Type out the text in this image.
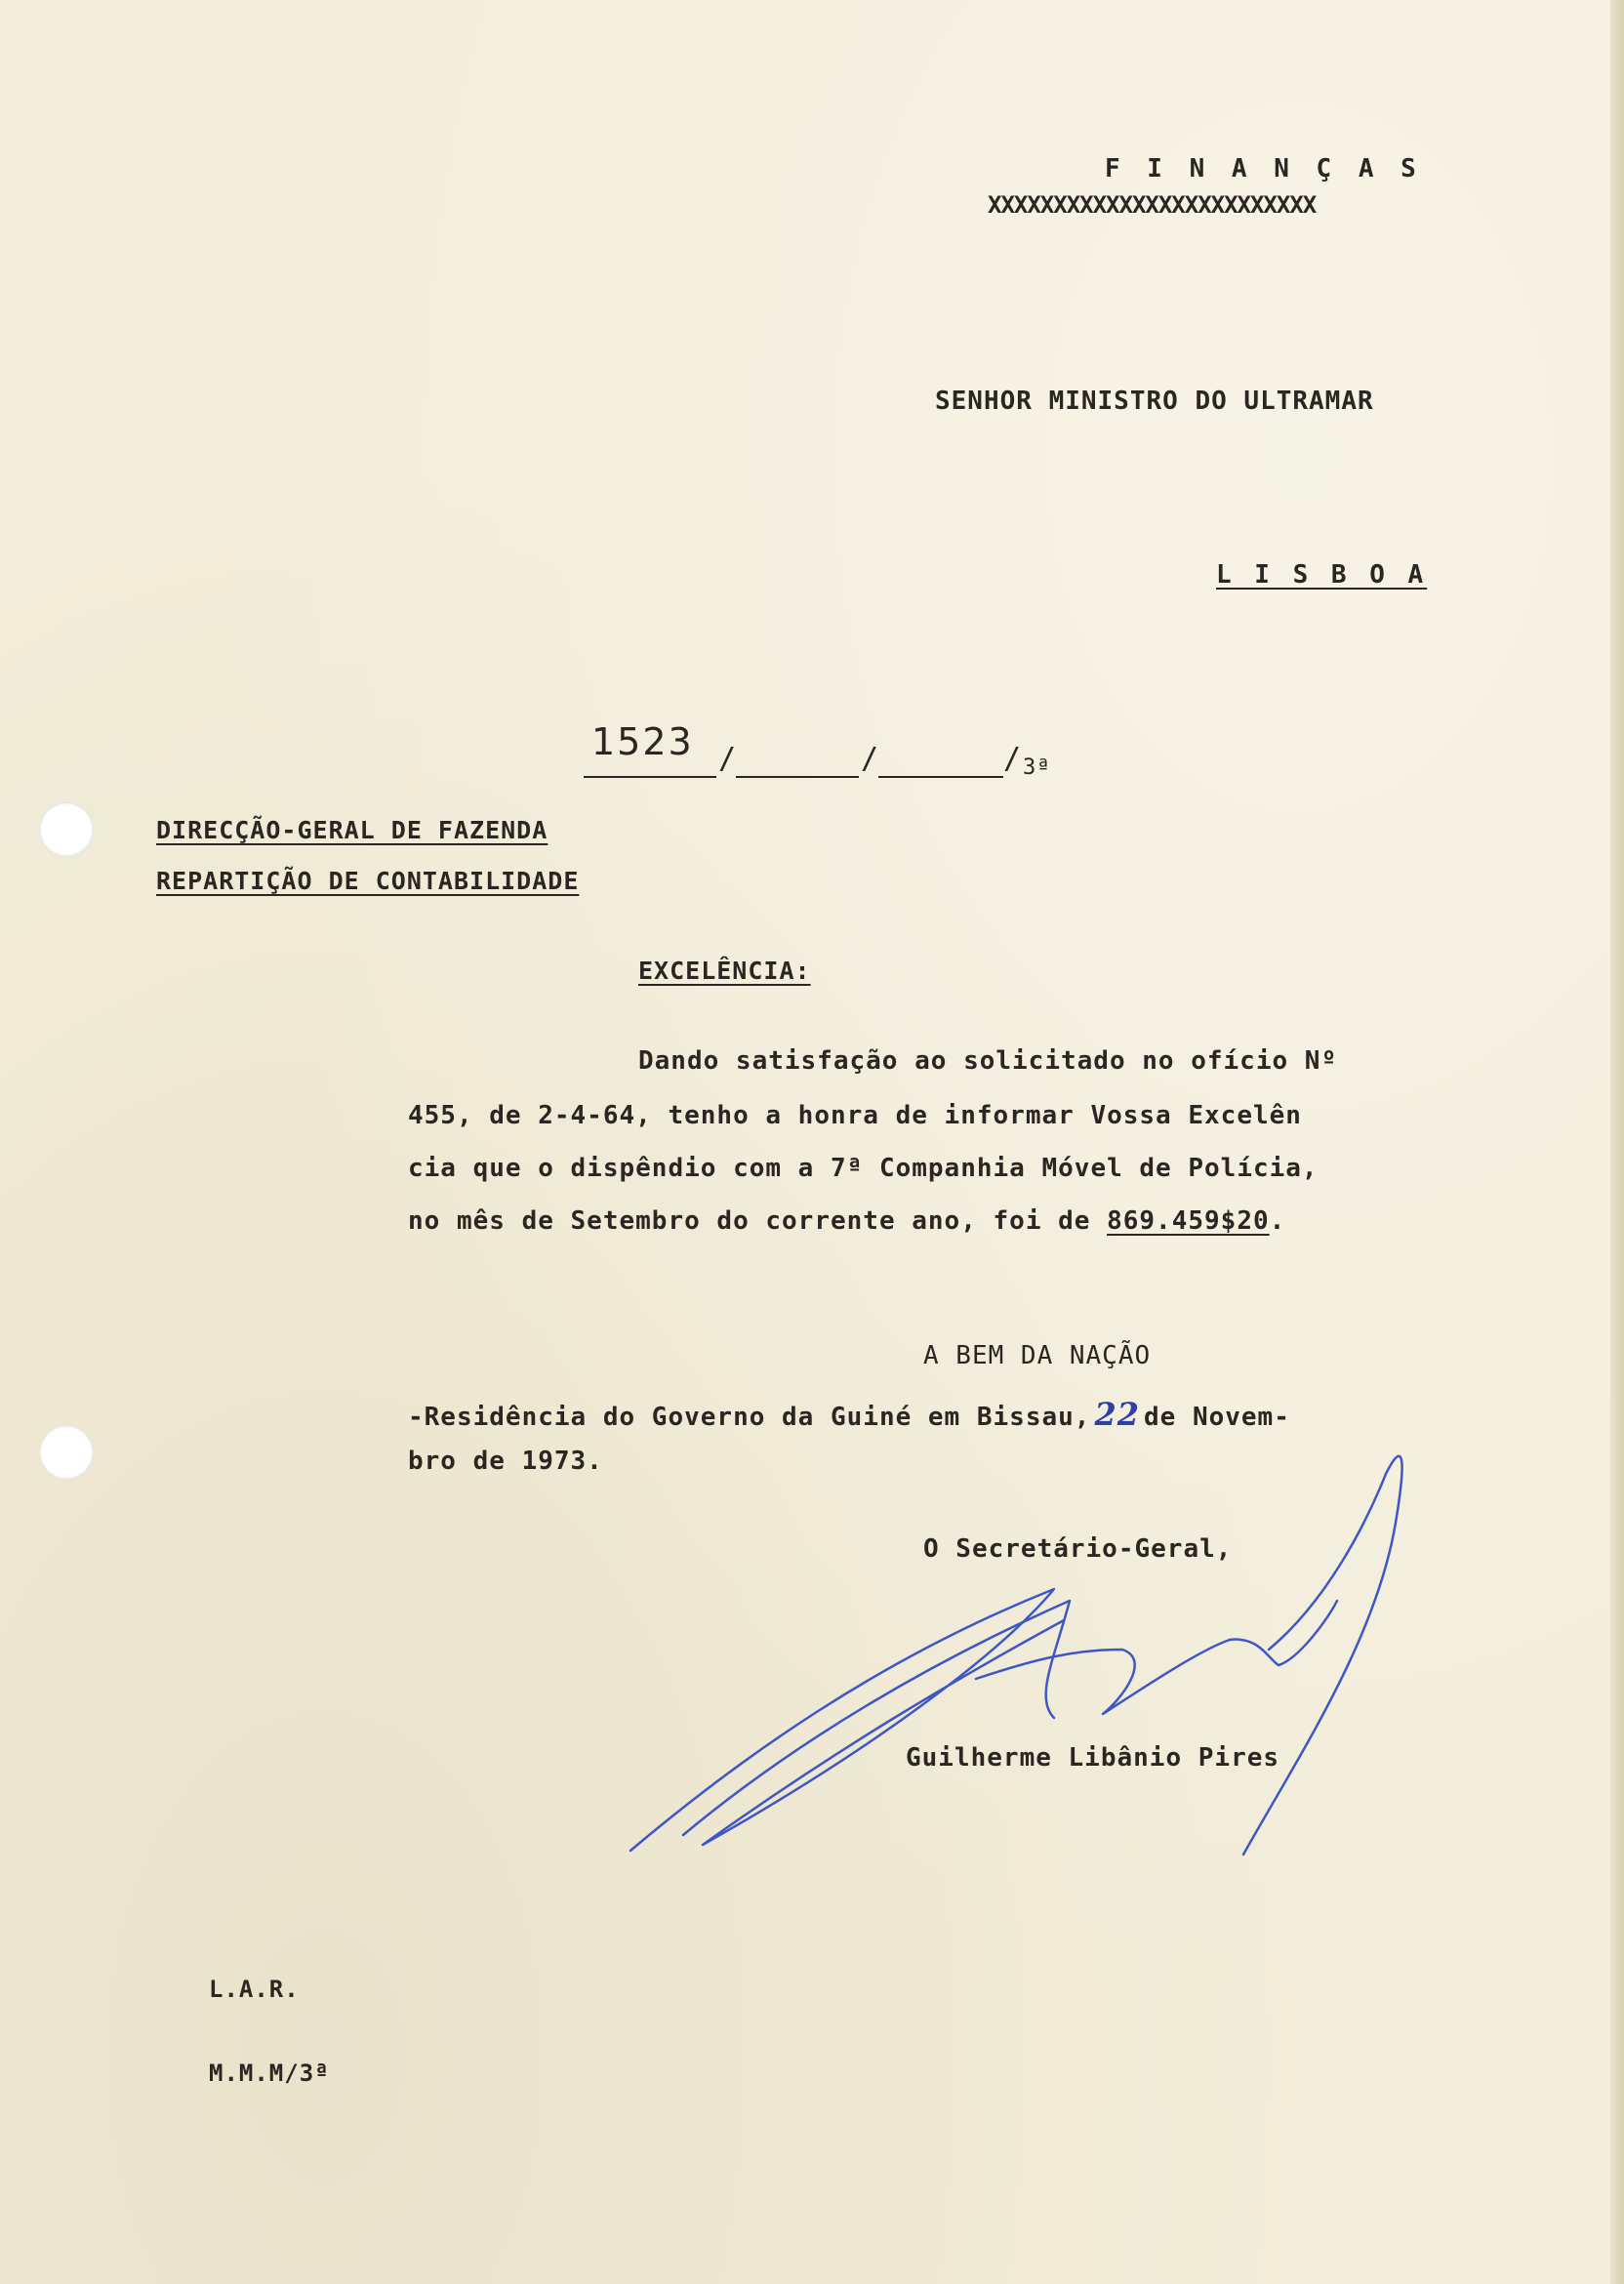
F I N A N Ç A S
XXXXXXXXXXXXXXXXXXXXXXXXX
SENHOR MINISTRO DO ULTRAMAR
L I S B O A
1523 /	/	/ 3ª
DIRECÇÃO-GERAL DE FAZENDA
REPARTIÇÃO DE CONTABILIDADE
EXCELÊNCIA:
Dando satisfação ao solicitado no ofício Nº
455, de 2-4-64, tenho a honra de informar Vossa Excelên
cia que o dispêndio com a 7ª Companhia Móvel de Polícia,
no mês de Setembro do corrente ano, foi de 869.459$20.
A BEM DA NAÇÃO
-Residência do Governo da Guiné em Bissau, 22 de Novem-
bro de 1973.
O Secretário-Geral,
Guilherme Libânio Pires
L.A.R.
M.M.M/3ª
